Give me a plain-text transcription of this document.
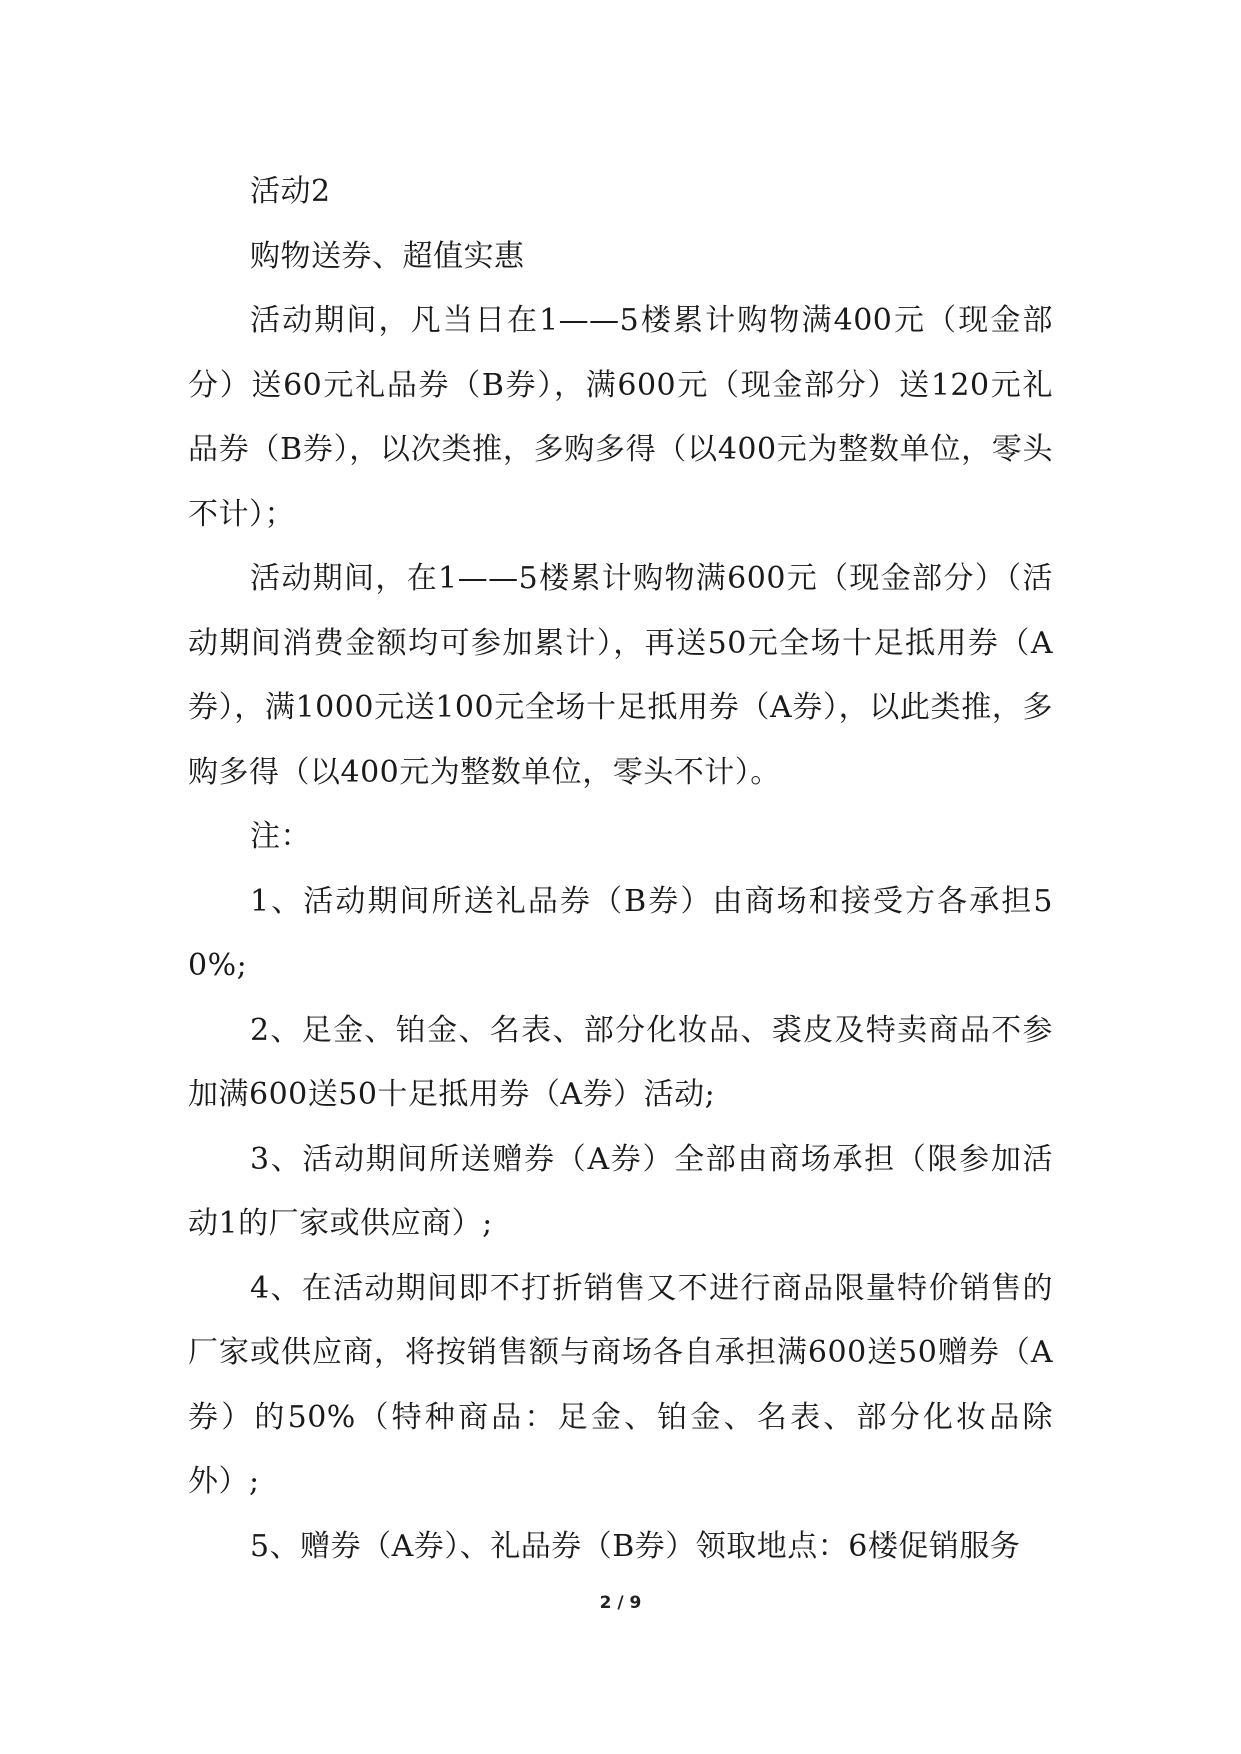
活动2

购物送券、超值实惠

活动期间，凡当日在1——5楼累计购物满400元（现金部分）送60元礼品券（B券），满600元（现金部分）送120元礼品券（B券），以次类推，多购多得（以400元为整数单位，零头不计）；

活动期间，在1——5楼累计购物满600元（现金部分）（活动期间消费金额均可参加累计），再送50元全场十足抵用券（A券），满1000元送100元全场十足抵用券（A券），以此类推，多购多得（以400元为整数单位，零头不计）。

注：

1、活动期间所送礼品券（B券）由商场和接受方各承担50%;

2、足金、铂金、名表、部分化妆品、裘皮及特卖商品不参加满600送50十足抵用券（A券）活动;

3、活动期间所送赠券（A券）全部由商场承担（限参加活动1的厂家或供应商）;

4、在活动期间即不打折销售又不进行商品限量特价销售的厂家或供应商，将按销售额与商场各自承担满600送50赠券（A券）的50%（特种商品：足金、铂金、名表、部分化妆品除外）;

5、赠券（A券）、礼品券（B券）领取地点：6楼促销服务

2 / 9
